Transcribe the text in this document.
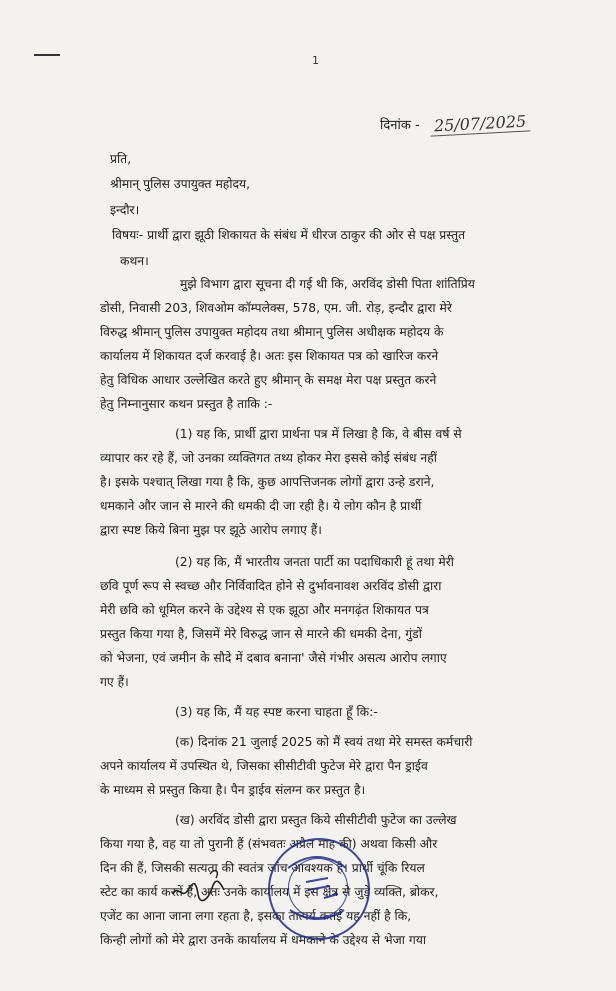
1
दिनांक - 25/07/2025
प्रति,
श्रीमान् पुलिस उपायुक्त महोदय,
इन्दौर।
विषयः- प्रार्थी द्वारा झूठी शिकायत के संबंध में धीरज ठाकुर की ओर से पक्ष प्रस्तुत
कथन।
मुझे विभाग द्वारा सूचना दी गई थी कि, अरविंद डोसी पिता शांतिप्रिय
डोसी, निवासी 203, शिवओम कॉम्पलेक्स, 578, एम. जी. रोड़, इन्दौर द्वारा मेरे
विरुद्ध श्रीमान् पुलिस उपायुक्त महोदय तथा श्रीमान् पुलिस अधीक्षक महोदय के
कार्यालय में शिकायत दर्ज करवाई है। अतः इस शिकायत पत्र को खारिज करने
हेतु विधिक आधार उल्लेखित करते हुए श्रीमान् के समक्ष मेरा पक्ष प्रस्तुत करने
हेतु निम्नानुसार कथन प्रस्तुत है ताकि :-
(1) यह कि, प्रार्थी द्वारा प्रार्थना पत्र में लिखा है कि, वे बीस वर्ष से
व्यापार कर रहे हैं, जो उनका व्यक्तिगत तथ्य होकर मेरा इससे कोई संबंध नहीं
है। इसके पश्चात् लिखा गया है कि, कुछ आपत्तिजनक लोगों द्वारा उन्हे डराने,
धमकाने और जान से मारने की धमकी दी जा रही है। ये लोग कौन है प्रार्थी
द्वारा स्पष्ट किये बिना मुझ पर झूठे आरोप लगाए हैं।
(2) यह कि, मैं भारतीय जनता पार्टी का पदाधिकारी हूं तथा मेरी
छवि पूर्ण रूप से स्वच्छ और निर्विवादित होने से दुर्भावनावश अरविंद डोसी द्वारा
मेरी छवि को धूमिल करने के उद्देश्य से एक झूठा और मनगढ़ंत शिकायत पत्र
प्रस्तुत किया गया है, जिसमें मेरे विरुद्ध जान से मारने की धमकी देना, गुंडों
को भेजना, एवं जमीन के सौदे में दबाव बनाना' जैसे गंभीर असत्य आरोप लगाए
गए हैं।
(3) यह कि, मैं यह स्पष्ट करना चाहता हूँ कि:-
(क) दिनांक 21 जुलाई 2025 को मैं स्वयं तथा मेरे समस्त कर्मचारी
अपने कार्यालय में उपस्थित थे, जिसका सीसीटीवी फुटेज मेरे द्वारा पैन ड्राईव
के माध्यम से प्रस्तुत किया है। पैन ड्राईव संलग्न कर प्रस्तुत है।
(ख) अरविंद डोसी द्वारा प्रस्तुत किये सीसीटीवी फुटेज का उल्लेख
किया गया है, वह या तो पुरानी हैं (संभवतः अप्रैल माह की) अथवा किसी और
दिन की हैं, जिसकी सत्यता की स्वतंत्र जांच आवश्यक है। प्रार्थी चूंकि रियल
स्टेट का कार्य करतें हैं, अतः उनके कार्यालय में इस क्षेत्र से जुड़े व्यक्ति, ब्रोकर,
एजेंट का आना जाना लगा रहता है, इसका तात्पर्य कतई यह नहीं है कि,
किन्ही लोगों को मेरे द्वारा उनके कार्यालय में धमकाने के उद्देश्य से भेजा गया
